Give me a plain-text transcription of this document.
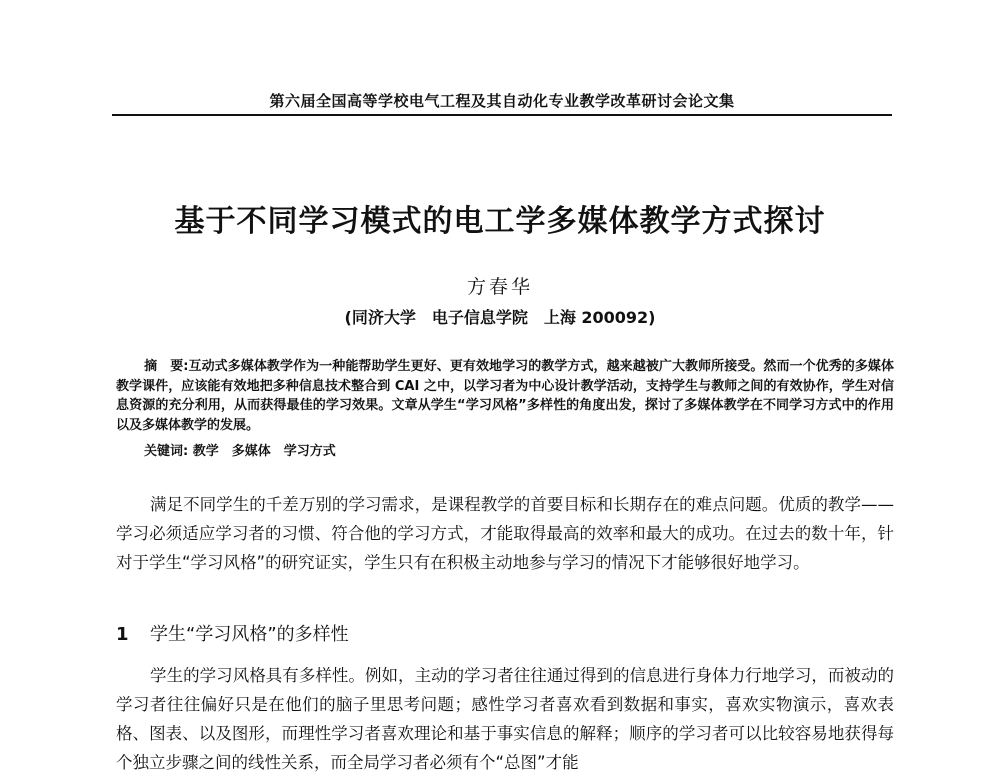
第六届全国高等学校电气工程及其自动化专业教学改革研讨会论文集
基于不同学习模式的电工学多媒体教学方式探讨
方春华
(同济大学　电子信息学院　上海 200092)
摘　要:互动式多媒体教学作为一种能帮助学生更好、更有效地学习的教学方式，越来越被广大教师所接受。然而一个优秀的多媒体教学课件，应该能有效地把多种信息技术整合到 CAI 之中，以学习者为中心设计教学活动，支持学生与教师之间的有效协作，学生对信息资源的充分利用，从而获得最佳的学习效果。文章从学生“学习风格”多样性的角度出发，探讨了多媒体教学在不同学习方式中的作用以及多媒体教学的发展。
关键词: 教学　多媒体　学习方式
满足不同学生的千差万别的学习需求，是课程教学的首要目标和长期存在的难点问题。优质的教学——学习必须适应学习者的习惯、符合他的学习方式，才能取得最高的效率和最大的成功。在过去的数十年，针对于学生“学习风格”的研究证实，学生只有在积极主动地参与学习的情况下才能够很好地学习。
1 学生“学习风格”的多样性
学生的学习风格具有多样性。例如，主动的学习者往往通过得到的信息进行身体力行地学习，而被动的学习者往往偏好只是在他们的脑子里思考问题；感性学习者喜欢看到数据和事实，喜欢实物演示，喜欢表格、图表、以及图形，而理性学习者喜欢理论和基于事实信息的解释；顺序的学习者可以比较容易地获得每个独立步骤之间的线性关系，而全局学习者必须有个“总图”才能
